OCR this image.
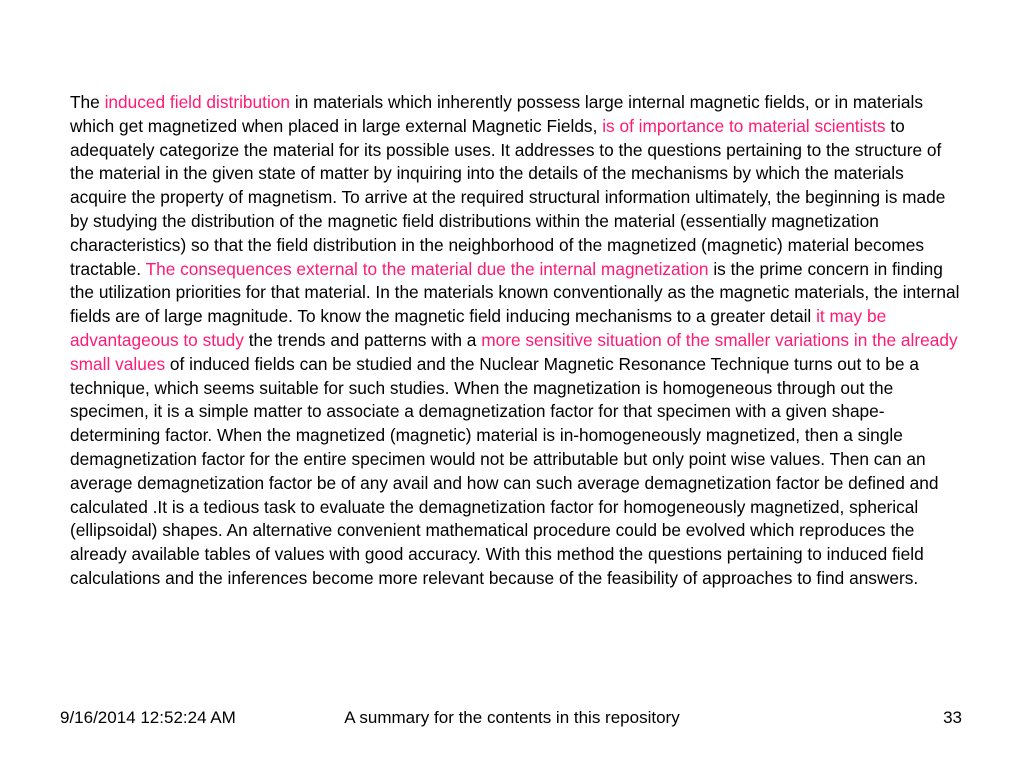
The induced field distribution in materials which inherently possess large internal magnetic fields, or in materials which get magnetized when placed in large external Magnetic Fields, is of importance to material scientists to adequately categorize the material for its possible uses. It addresses to the questions pertaining to the structure of the material in the given state of matter by inquiring into the details of the mechanisms by which the materials acquire the property of magnetism. To arrive at the required structural information ultimately, the beginning is made by studying the distribution of the magnetic field distributions within the material (essentially magnetization characteristics) so that the field distribution in the neighborhood of the magnetized (magnetic) material becomes tractable. The consequences external to the material due the internal magnetization is the prime concern in finding the utilization priorities for that material. In the materials known conventionally as the magnetic materials, the internal fields are of large magnitude. To know the magnetic field inducing mechanisms to a greater detail it may be advantageous to study the trends and patterns with a more sensitive situation of the smaller variations in the already small values of induced fields can be studied and the Nuclear Magnetic Resonance Technique turns out to be a technique, which seems suitable for such studies. When the magnetization is homogeneous through out the specimen, it is a simple matter to associate a demagnetization factor for that specimen with a given shape-determining factor. When the magnetized (magnetic) material is in-homogeneously magnetized, then a single demagnetization factor for the entire specimen would not be attributable but only point wise values. Then can an average demagnetization factor be of any avail and how can such average demagnetization factor be defined and calculated .It is a tedious task to evaluate the demagnetization factor for homogeneously magnetized, spherical (ellipsoidal) shapes. An alternative convenient mathematical procedure could be evolved which reproduces the already available tables of values with good accuracy. With this method the questions pertaining to induced field calculations and the inferences become more relevant because of the feasibility of approaches to find answers.

9/16/2014 12:52:24 AM	A summary for the contents in this repository	33
